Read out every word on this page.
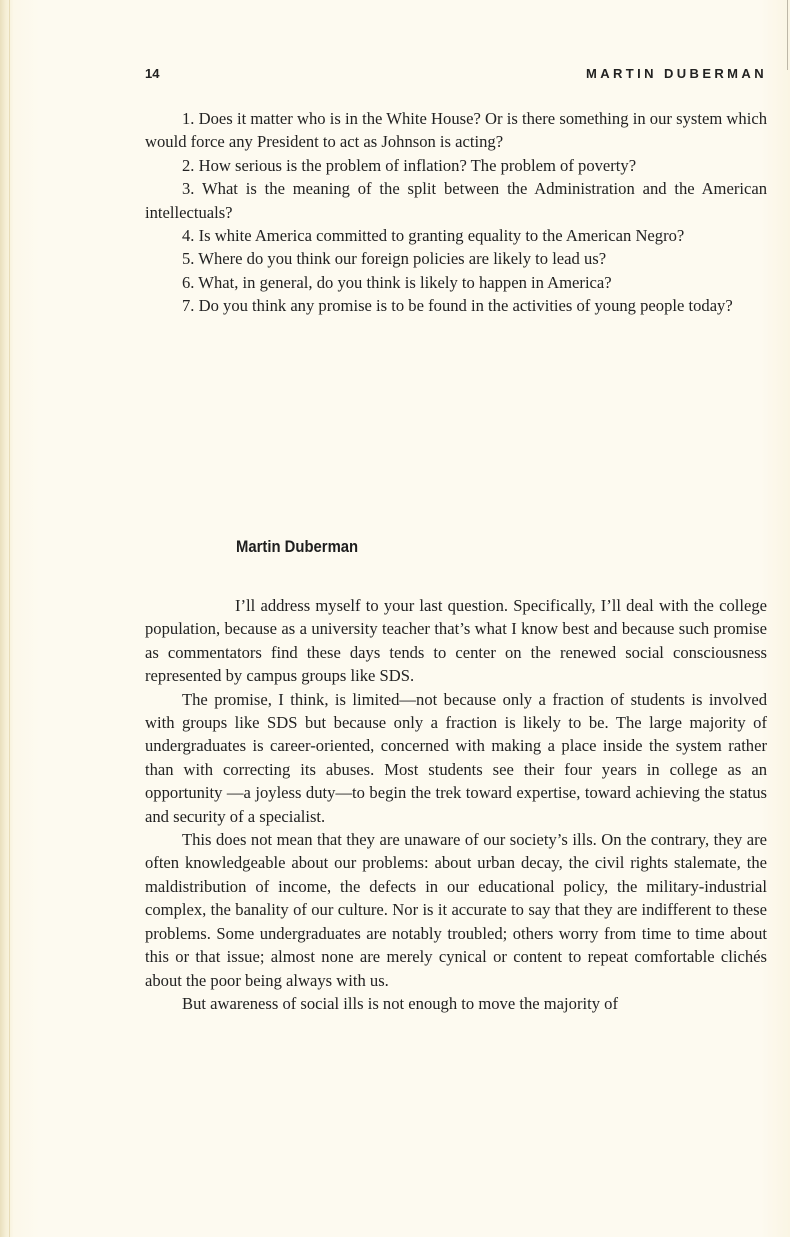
14	MARTIN DUBERMAN

1. Does it matter who is in the White House? Or is there something in our system which would force any President to act as Johnson is acting?

2. How serious is the problem of inflation? The problem of poverty?

3. What is the meaning of the split between the Administration and the American intellectuals?

4. Is white America committed to granting equality to the American Negro?

5. Where do you think our foreign policies are likely to lead us?

6. What, in general, do you think is likely to happen in America?

7. Do you think any promise is to be found in the activities of young people today?

Martin Duberman

I’ll address myself to your last question. Specifically, I’ll deal with the college population, because as a university teacher that’s what I know best and because such promise as commentators find these days tends to center on the renewed social consciousness represented by campus groups like SDS.

The promise, I think, is limited—not because only a fraction of students is involved with groups like SDS but because only a fraction is likely to be. The large majority of undergraduates is career-oriented, concerned with making a place inside the system rather than with correcting its abuses. Most students see their four years in college as an opportunity —a joyless duty—to begin the trek toward expertise, toward achieving the status and security of a specialist.

This does not mean that they are unaware of our society’s ills. On the contrary, they are often knowledgeable about our problems: about urban decay, the civil rights stalemate, the maldistribution of income, the defects in our educational policy, the military-industrial complex, the banality of our culture. Nor is it accurate to say that they are indifferent to these problems. Some undergraduates are notably troubled; others worry from time to time about this or that issue; almost none are merely cynical or content to repeat comfortable clichés about the poor being always with us.

But awareness of social ills is not enough to move the majority of
